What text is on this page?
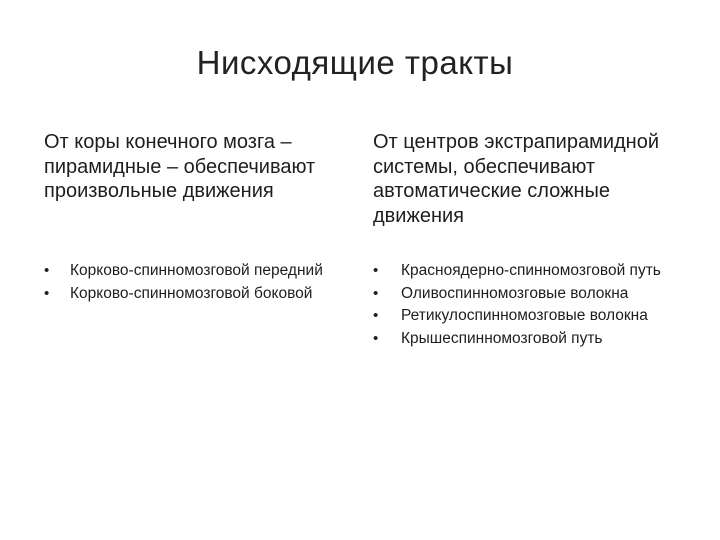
Нисходящие тракты

От коры конечного мозга – пирамидные – обеспечивают произвольные движения

• Корково-спинномозговой передний
• Корково-спинномозговой боковой

От центров экстрапирамидной системы, обеспечивают автоматические сложные движения

• Красноядерно-спинномозговой путь
• Оливоспинномозговые волокна
• Ретикулоспинномозговые волокна
• Крышеспинномозговой путь
